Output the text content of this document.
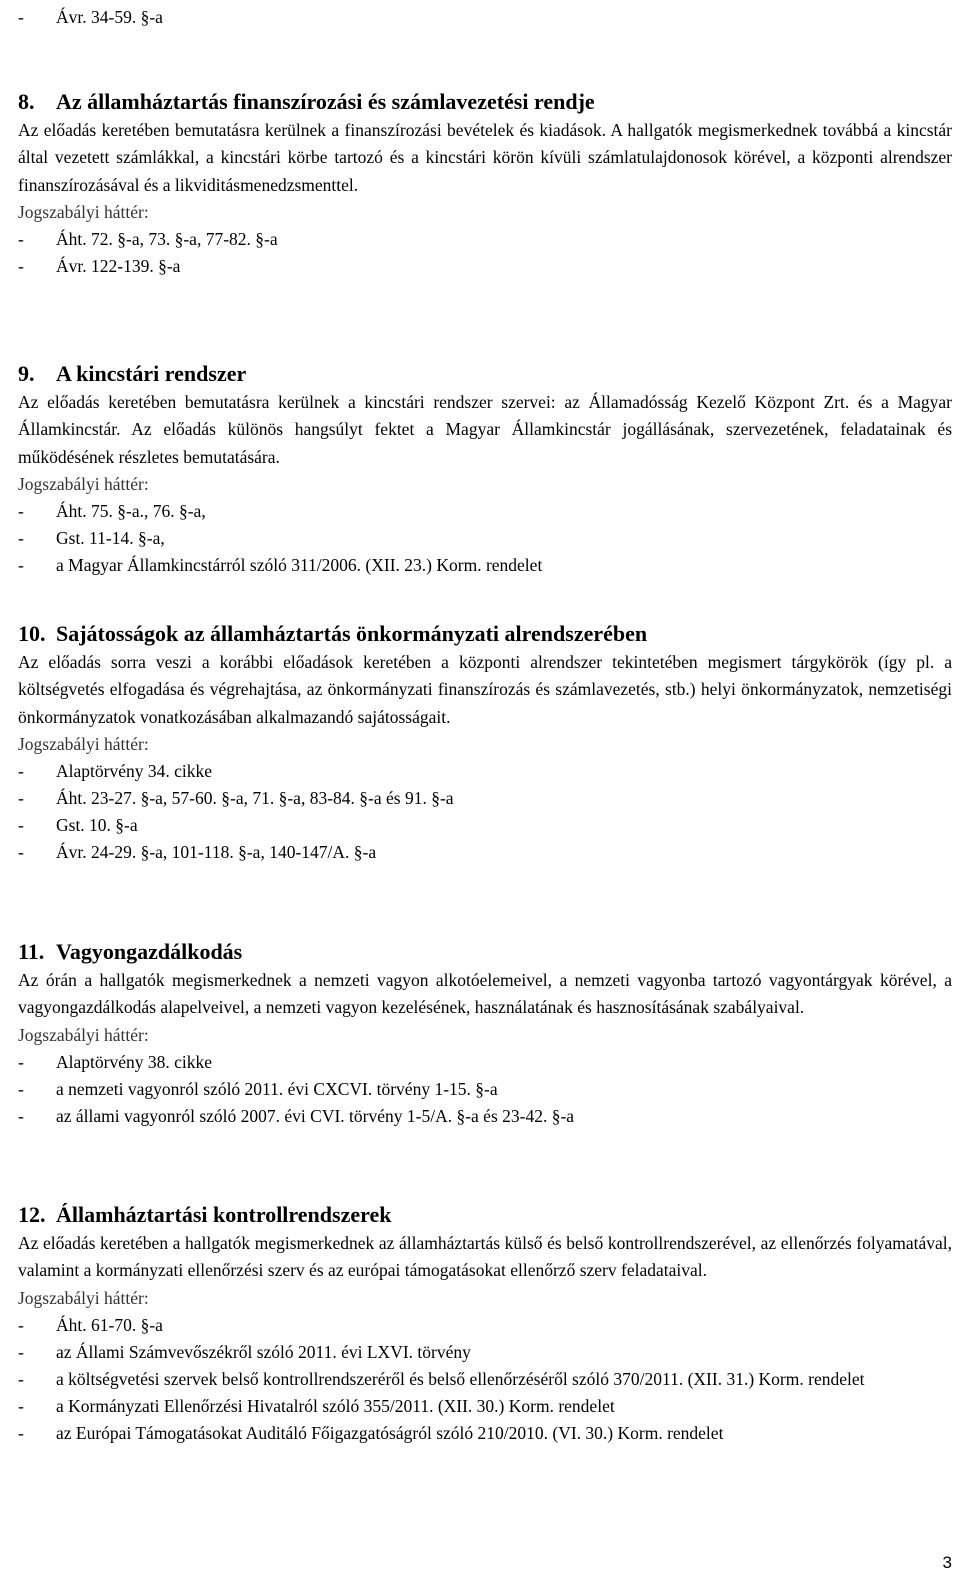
-	Ávr. 34-59. §-a
8. Az államháztartás finanszírozási és számlavezetési rendje

Az előadás keretében bemutatásra kerülnek a finanszírozási bevételek és kiadások. A hallgatók megismerkednek továbbá a kincstár által vezetett számlákkal, a kincstári körbe tartozó és a kincstári körön kívüli számlatulajdonosok körével, a központi alrendszer finanszírozásával és a likviditásmenedzsmenttel.

Jogszabályi háttér:
-	Áht. 72. §-a, 73. §-a, 77-82. §-a
-	Ávr. 122-139. §-a
9. A kincstári rendszer

Az előadás keretében bemutatásra kerülnek a kincstári rendszer szervei: az Államadósság Kezelő Központ Zrt. és a Magyar Államkincstár. Az előadás különös hangsúlyt fektet a Magyar Államkincstár jogállásának, szervezetének, feladatainak és működésének részletes bemutatására.

Jogszabályi háttér:
-	Áht. 75. §-a., 76. §-a,
-	Gst. 11-14. §-a,
-	a Magyar Államkincstárról szóló 311/2006. (XII. 23.) Korm. rendelet
10. Sajátosságok az államháztartás önkormányzati alrendszerében

Az előadás sorra veszi a korábbi előadások keretében a központi alrendszer tekintetében megismert tárgykörök (így pl. a költségvetés elfogadása és végrehajtása, az önkormányzati finanszírozás és számlavezetés, stb.) helyi önkormányzatok, nemzetiségi önkormányzatok vonatkozásában alkalmazandó sajátosságait.

Jogszabályi háttér:
-	Alaptörvény 34. cikke
-	Áht. 23-27. §-a, 57-60. §-a, 71. §-a, 83-84. §-a és 91. §-a
-	Gst. 10. §-a
-	Ávr. 24-29. §-a, 101-118. §-a, 140-147/A. §-a
11. Vagyongazdálkodás

Az órán a hallgatók megismerkednek a nemzeti vagyon alkotóelemeivel, a nemzeti vagyonba tartozó vagyontárgyak körével, a vagyongazdálkodás alapelveivel, a nemzeti vagyon kezelésének, használatának és hasznosításának szabályaival.

Jogszabályi háttér:
-	Alaptörvény 38. cikke
-	a nemzeti vagyonról szóló 2011. évi CXCVI. törvény 1-15. §-a
-	az állami vagyonról szóló 2007. évi CVI. törvény 1-5/A. §-a és 23-42. §-a
12. Államháztartási kontrollrendszerek

Az előadás keretében a hallgatók megismerkednek az államháztartás külső és belső kontrollrendszerével, az ellenőrzés folyamatával, valamint a kormányzati ellenőrzési szerv és az európai támogatásokat ellenőrző szerv feladataival.

Jogszabályi háttér:
-	Áht. 61-70. §-a
-	az Állami Számvevőszékről szóló 2011. évi LXVI. törvény
-	a költségvetési szervek belső kontrollrendszeréről és belső ellenőrzéséről szóló 370/2011. (XII. 31.) Korm. rendelet
-	a Kormányzati Ellenőrzési Hivatalról szóló 355/2011. (XII. 30.) Korm. rendelet
-	az Európai Támogatásokat Auditáló Főigazgatóságról szóló 210/2010. (VI. 30.) Korm. rendelet
3
